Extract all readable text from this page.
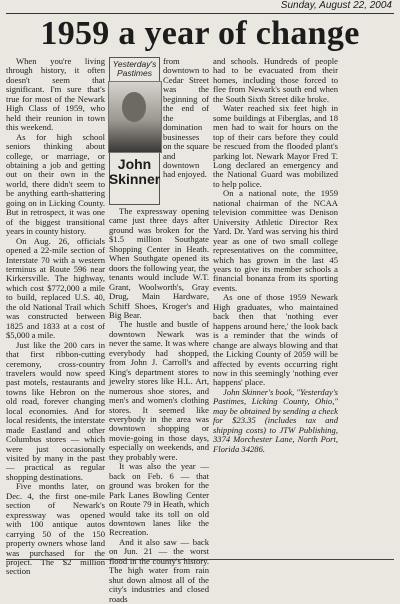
Sunday, August 22, 2004
1959 a year of change

When you're living through history, it often doesn't seem that significant. I'm sure that's true for most of the Newark High Class of 1959, who held their reunion in town this weekend.

As for high school seniors thinking about college, or marriage, or obtaining a job and getting out on their own in the world, there didn't seem to be anything earth-shattering going on in Licking County. But in retrospect, it was one of the biggest transitional years in county history.

On Aug. 26, officials opened a 22-mile section of Interstate 70 with a western terminus at Route 596 near Kirkersville. The highway, which cost $772,000 a mile to build, replaced U.S. 40, the old National Trail which was constructed between 1825 and 1833 at a cost of $5,000 a mile.

Just like the 200 cars in that first ribbon-cutting ceremony, cross-country travelers would now speed past motels, restaurants and towns like Hebron on the old road, forever changing local economies. And for local residents, the interstate made Eastland and other Columbus stores — which were just occasionally visited by many in the past — practical as regular shopping destinations.

Five months later, on Dec. 4, the first one-mile section of Newark's expressway was opened with 100 antique autos carrying 50 of the 150 property owners whose land was purchased for the project. The $2 million section

Yesterday's
Pastimes
John
Skinner

from downtown to Cedar Street was the beginning of the end of the domination businesses on the square and downtown had enjoyed.

The expressway opening came just three days after ground was broken for the $1.5 million Southgate Shopping Center in Heath. When Southgate opened its doors the following year, the tenants would include W.T. Grant, Woolworth's, Gray Drug, Main Hardware, Schiff Shoes, Kroger's and Big Bear.

The hustle and bustle of downtown Newark was never the same. It was where everybody had shopped, from John J. Carroll's and King's department stores to jewelry stores like H.L. Art, numerous shoe stores, and men's and women's clothing stores. It seemed like everybody in the area was downtown shopping or movie-going in those days, especially on weekends, and they probably were.

It was also the year — back on Feb. 6 — that ground was broken for the Park Lanes Bowling Center on Route 79 in Heath, which would take its toll on old downtown lanes like the Recreation.

And it also saw — back on Jun. 21 — the worst flood in the county's history. The high water from rain shut down almost all of the city's industries and closed roads

and schools. Hundreds of people had to be evacuated from their homes, including those forced to flee from Newark's south end when the South Sixth Street dike broke.

Water reached six feet high in some buildings at Fiberglas, and 18 men had to wait for hours on the top of their cars before they could be rescued from the flooded plant's parking lot. Newark Mayor Fred T. Long declared an emergency and the National Guard was mobilized to help police.

On a national note, the 1959 national chairman of the NCAA television committee was Denison University Athletic Director Rex Yard. Dr. Yard was serving his third year as one of two small college representatives on the committee, which has grown in the last 45 years to give its member schools a financial bonanza from its sporting events.

As one of those 1959 Newark High graduates, who maintained back then that 'nothing ever happens around here,' the look back is a reminder that the winds of change are always blowing and that the Licking County of 2059 will be affected by events occurring right now in this seemingly 'nothing ever happens' place.

John Skinner's book, "Yesterday's Pastimes, Licking County, Ohio," may be obtained by sending a check for $23.35 (includes tax and shipping costs) to JTW Publishing, 3374 Morchester Lane, North Port, Florida 34286.
